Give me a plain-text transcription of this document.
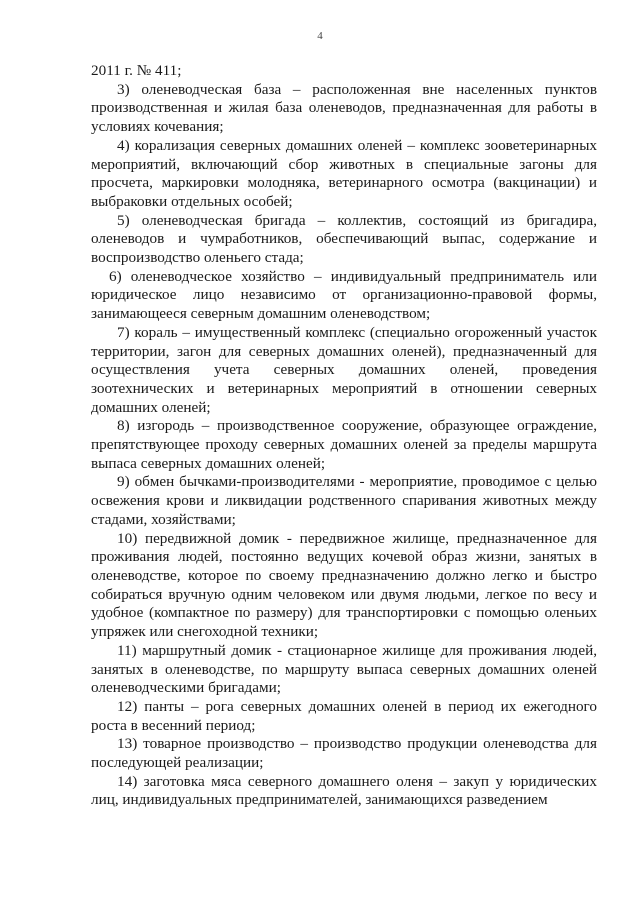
4

2011 г. № 411;

3) оленеводческая база – расположенная вне населенных пунктов производственная и жилая база оленеводов, предназначенная для работы в условиях кочевания;

4) корализация северных домашних оленей – комплекс зооветеринарных мероприятий, включающий сбор животных в специальные загоны для просчета, маркировки молодняка, ветеринарного осмотра (вакцинации) и выбраковки отдельных особей;

5) оленеводческая бригада – коллектив, состоящий из бригадира, оленеводов и чумработников, обеспечивающий выпас, содержание и воспроизводство оленьего стада;

6) оленеводческое хозяйство – индивидуальный предприниматель или юридическое лицо независимо от организационно-правовой формы, занимающееся северным домашним оленеводством;

7) кораль – имущественный комплекс (специально огороженный участок территории, загон для северных домашних оленей), предназначенный для осуществления учета северных домашних оленей, проведения зоотехнических и ветеринарных мероприятий в отношении северных домашних оленей;

8) изгородь – производственное сооружение, образующее ограждение, препятствующее проходу северных домашних оленей за пределы маршрута выпаса северных домашних оленей;

9) обмен бычками-производителями - мероприятие, проводимое с целью освежения крови и ликвидации родственного спаривания животных между стадами, хозяйствами;

10) передвижной домик - передвижное жилище, предназначенное для проживания людей, постоянно ведущих кочевой образ жизни, занятых в оленеводстве, которое по своему предназначению должно легко и быстро собираться вручную одним человеком или двумя людьми, легкое по весу и удобное (компактное по размеру) для транспортировки с помощью оленьих упряжек или снегоходной техники;

11) маршрутный домик - стационарное жилище для проживания людей, занятых в оленеводстве, по маршруту выпаса северных домашних оленей оленеводческими бригадами;

12) панты – рога северных домашних оленей в период их ежегодного роста в весенний период;

13) товарное производство – производство продукции оленеводства для последующей реализации;

14) заготовка мяса северного домашнего оленя – закуп у юридических лиц, индивидуальных предпринимателей, занимающихся разведением
